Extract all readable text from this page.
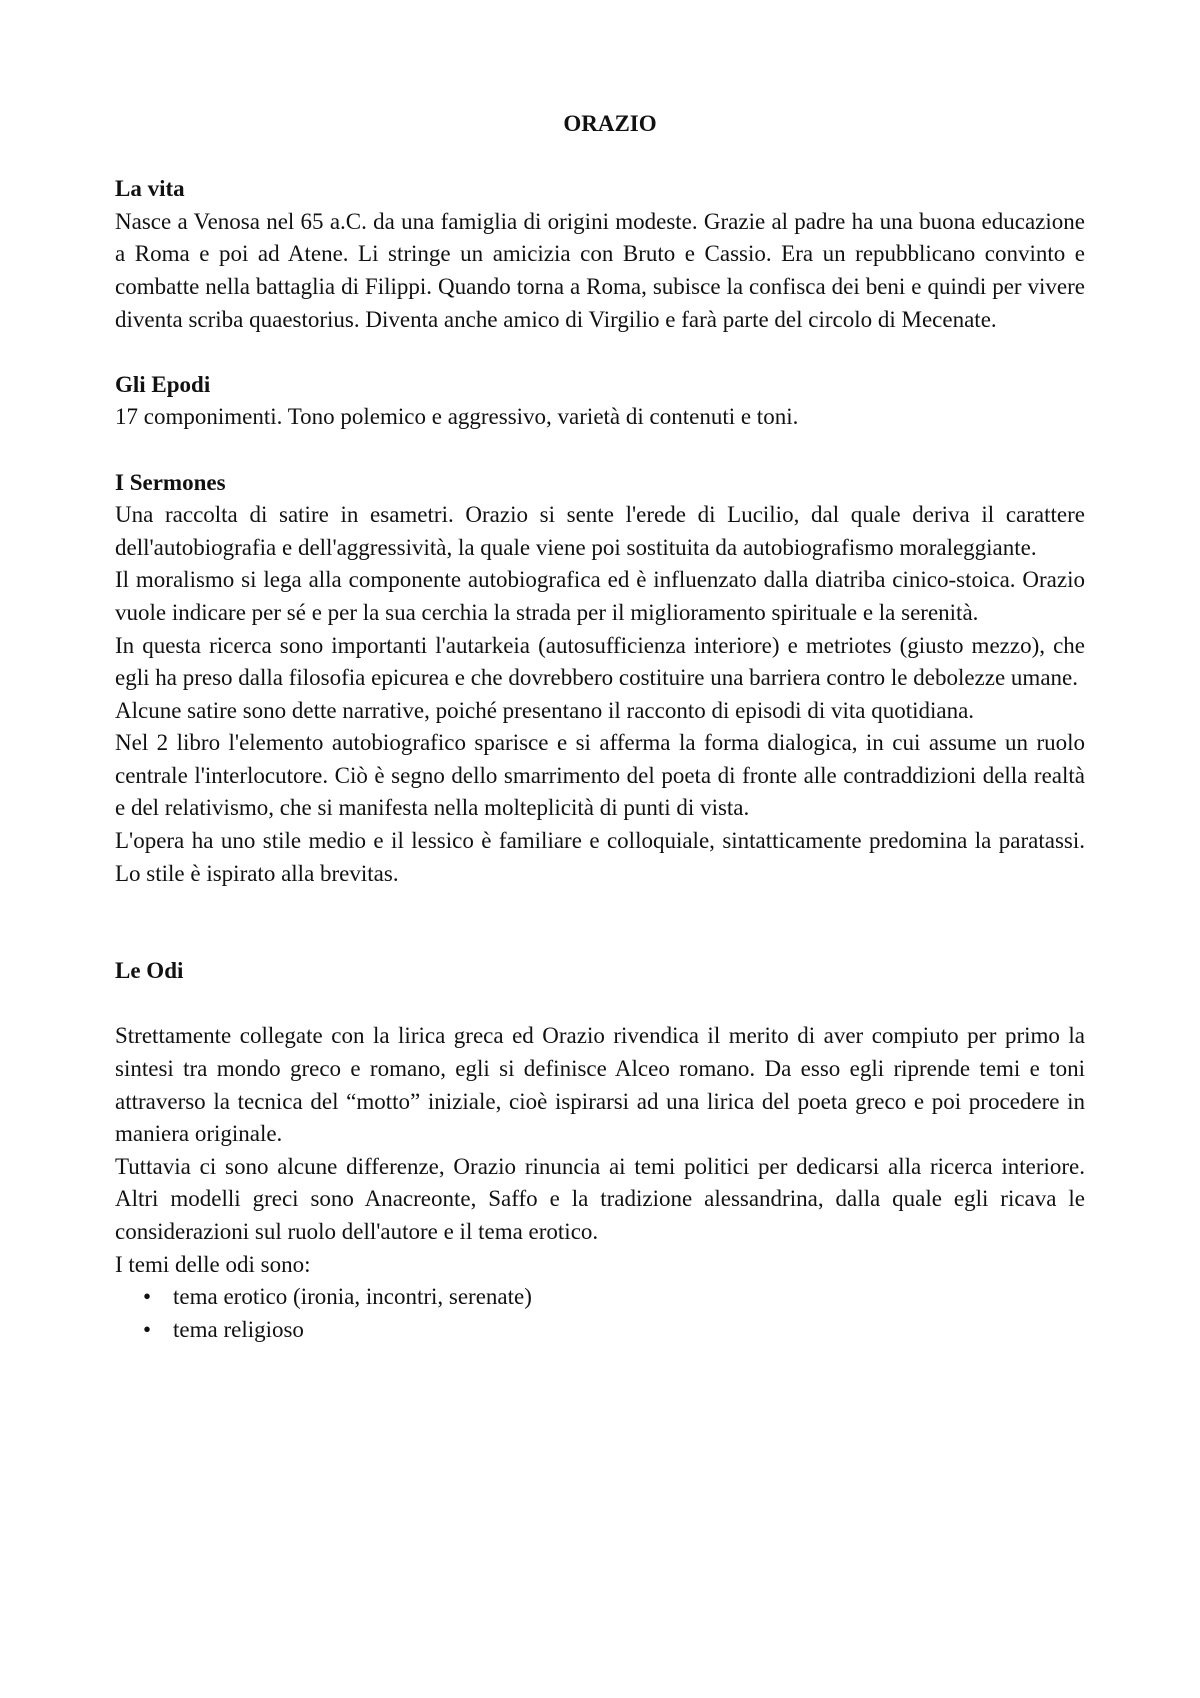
ORAZIO
La vita

Nasce a Venosa nel 65 a.C. da una famiglia di origini modeste. Grazie al padre ha una buona educazione a Roma e poi ad Atene. Li stringe un amicizia con Bruto e Cassio. Era un repubblicano convinto e combatte nella battaglia di Filippi. Quando torna a Roma, subisce la confisca dei beni e quindi per vivere diventa scriba quaestorius. Diventa anche amico di Virgilio e farà parte del circolo di Mecenate.

Gli Epodi

17 componimenti. Tono polemico e aggressivo, varietà di contenuti e toni.

I Sermones

Una raccolta di satire in esametri. Orazio si sente l'erede di Lucilio, dal quale deriva il carattere dell'autobiografia e dell'aggressività, la quale viene poi sostituita da autobiografismo moraleggiante.

Il moralismo si lega alla componente autobiografica ed è influenzato dalla diatriba cinico-stoica. Orazio vuole indicare per sé e per la sua cerchia la strada per il miglioramento spirituale e la serenità.

In questa ricerca sono importanti l'autarkeia (autosufficienza interiore) e metriotes (giusto mezzo), che egli ha preso dalla filosofia epicurea e che dovrebbero costituire una barriera contro le debolezze umane.

Alcune satire sono dette narrative, poiché presentano il racconto di episodi di vita quotidiana.

Nel 2 libro l'elemento autobiografico sparisce e si afferma la forma dialogica, in cui assume un ruolo centrale l'interlocutore. Ciò è segno dello smarrimento del poeta di fronte alle contraddizioni della realtà e del relativismo, che si manifesta nella molteplicità di punti di vista.

L'opera ha uno stile medio e il lessico è familiare e colloquiale, sintatticamente predomina la paratassi. Lo stile è ispirato alla brevitas.

Le Odi

Strettamente collegate con la lirica greca ed Orazio rivendica il merito di aver compiuto per primo la sintesi tra mondo greco e romano, egli si definisce Alceo romano. Da esso egli riprende temi e toni attraverso la tecnica del “motto” iniziale, cioè ispirarsi ad una lirica del poeta greco e poi procedere in maniera originale.

Tuttavia ci sono alcune differenze, Orazio rinuncia ai temi politici per dedicarsi alla ricerca interiore. Altri modelli greci sono Anacreonte, Saffo e la tradizione alessandrina, dalla quale egli ricava le considerazioni sul ruolo dell'autore e il tema erotico.

I temi delle odi sono:

• tema erotico (ironia, incontri, serenate)
• tema religioso
